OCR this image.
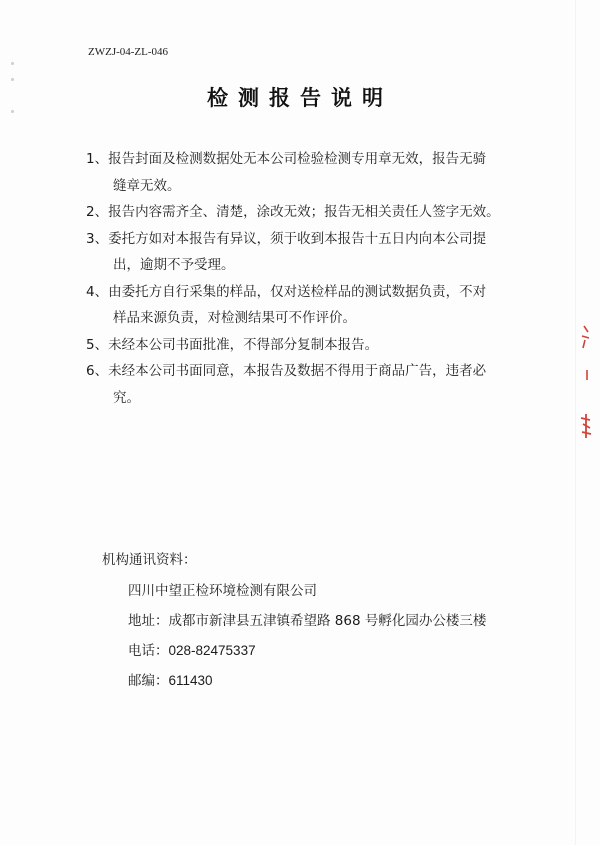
ZWZJ-04-ZL-046
检测报告说明
1、报告封面及检测数据处无本公司检验检测专用章无效，报告无骑
缝章无效。
2、报告内容需齐全、清楚，涂改无效；报告无相关责任人签字无效。
3、委托方如对本报告有异议，须于收到本报告十五日内向本公司提
出，逾期不予受理。
4、由委托方自行采集的样品，仅对送检样品的测试数据负责，不对
样品来源负责，对检测结果可不作评价。
5、未经本公司书面批准，不得部分复制本报告。
6、未经本公司书面同意，本报告及数据不得用于商品广告，违者必
究。
机构通讯资料：
四川中望正检环境检测有限公司
地址：成都市新津县五津镇希望路 868 号孵化园办公楼三楼
电话：028-82475337
邮编：611430
